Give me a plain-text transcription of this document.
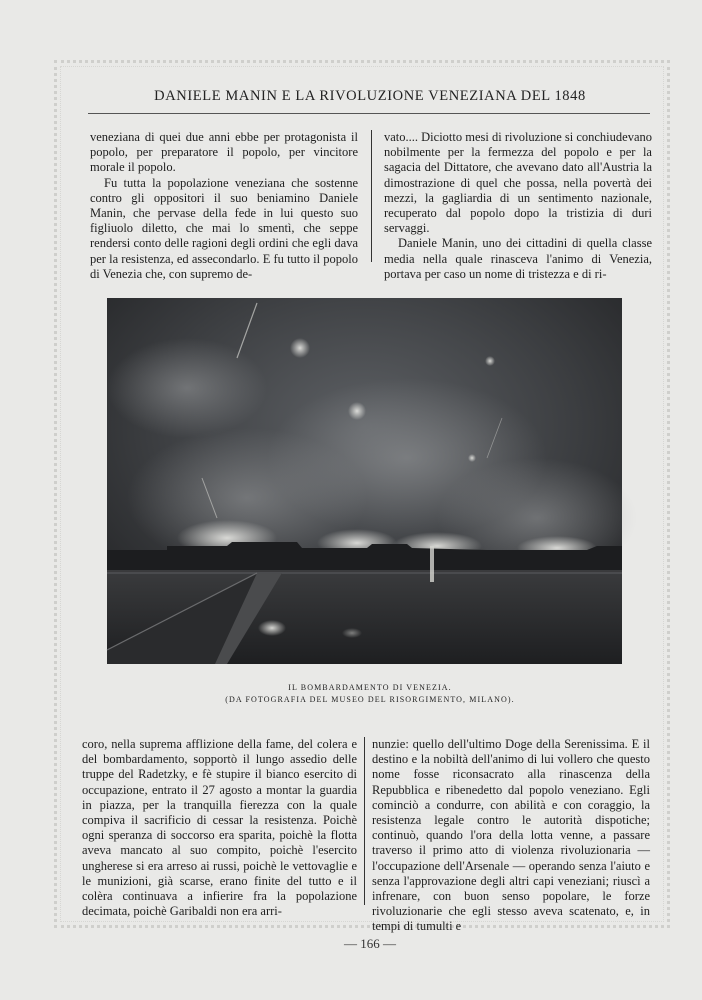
DANIELE MANIN E LA RIVOLUZIONE VENEZIANA DEL 1848

veneziana di quei due anni ebbe per protagonista il popolo, per preparatore il popolo, per vincitore morale il popolo.

Fu tutta la popolazione veneziana che sostenne contro gli oppositori il suo beniamino Daniele Manin, che pervase della fede in lui questo suo figliuolo diletto, che mai lo smentì, che seppe rendersi conto delle ragioni degli ordini che egli dava per la resistenza, ed assecondarlo. E fu tutto il popolo di Venezia che, con supremo de-

vato.... Diciotto mesi di rivoluzione si conchiudevano nobilmente per la fermezza del popolo e per la sagacia del Dittatore, che avevano dato all'Austria la dimostrazione di quel che possa, nella povertà dei mezzi, la gagliardia di un sentimento nazionale, recuperato dal popolo dopo la tristizia di duri servaggi.

Daniele Manin, uno dei cittadini di quella classe media nella quale rinasceva l'animo di Venezia, portava per caso un nome di tristezza e di ri-

IL BOMBARDAMENTO DI VENEZIA.
(DA FOTOGRAFIA DEL MUSEO DEL RISORGIMENTO, MILANO).

coro, nella suprema afflizione della fame, del colera e del bombardamento, sopportò il lungo assedio delle truppe del Radetzky, e fè stupire il bianco esercito di occupazione, entrato il 27 agosto a montar la guardia in piazza, per la tranquilla fierezza con la quale compiva il sacrificio di cessar la resistenza. Poichè ogni speranza di soccorso era sparita, poichè la flotta aveva mancato al suo compito, poichè l'esercito ungherese si era arreso ai russi, poichè le vettovaglie e le munizioni, già scarse, erano finite del tutto e il colèra continuava a infierire fra la popolazione decimata, poichè Garibaldi non era arri-

nunzie: quello dell'ultimo Doge della Serenissima. E il destino e la nobiltà dell'animo di lui vollero che questo nome fosse riconsacrato alla rinascenza della Repubblica e ribenedetto dal popolo veneziano. Egli cominciò a condurre, con abilità e con coraggio, la resistenza legale contro le autorità dispotiche; continuò, quando l'ora della lotta venne, a passare traverso il primo atto di violenza rivoluzionaria — l'occupazione dell'Arsenale — operando senza l'aiuto e senza l'approvazione degli altri capi veneziani; riuscì a infrenare, con buon senso popolare, le forze rivoluzionarie che egli stesso aveva scatenato, e, in tempi di tumulti e

— 166 —
